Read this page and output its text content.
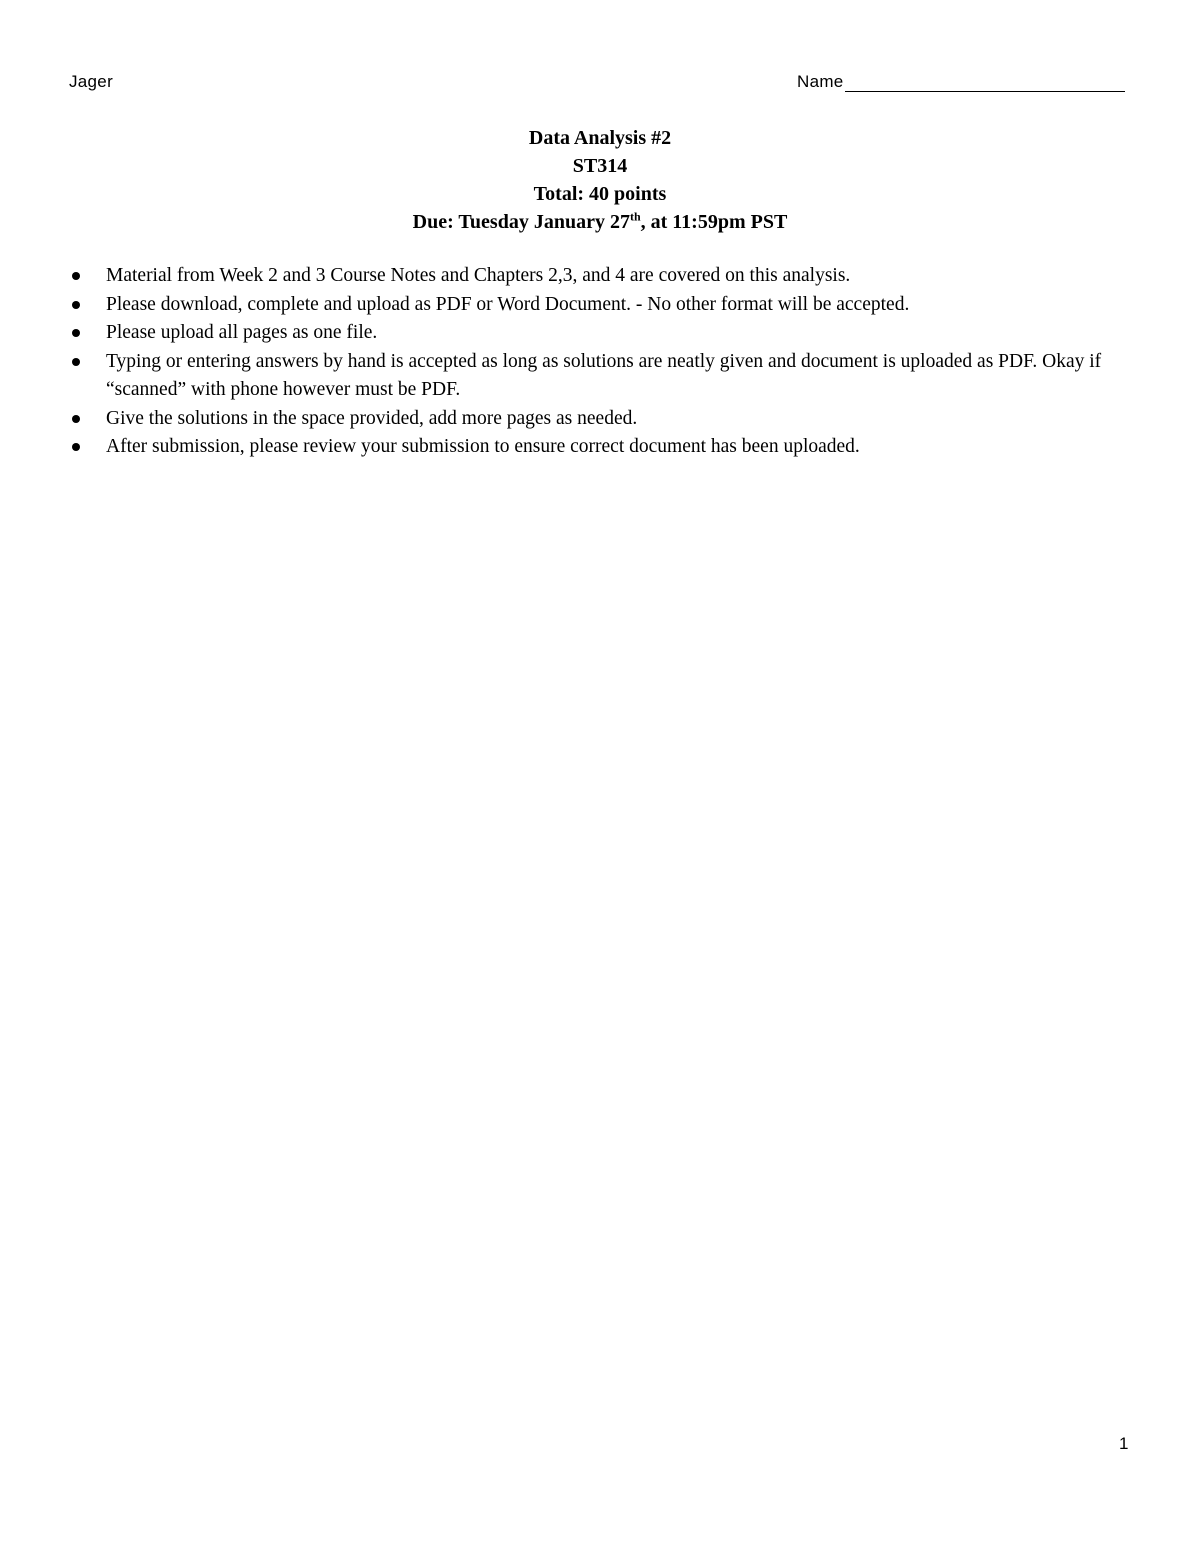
Jager	Name
Data Analysis #2
ST314
Total: 40 points
Due: Tuesday January 27th, at 11:59pm PST
Material from Week 2 and 3 Course Notes and Chapters 2,3, and 4 are covered on this analysis.
Please download, complete and upload as PDF or Word Document. - No other format will be accepted.
Please upload all pages as one file.
Typing or entering answers by hand is accepted as long as solutions are neatly given and document is uploaded as PDF. Okay if “scanned” with phone however must be PDF.
Give the solutions in the space provided, add more pages as needed.
After submission, please review your submission to ensure correct document has been uploaded.
1
